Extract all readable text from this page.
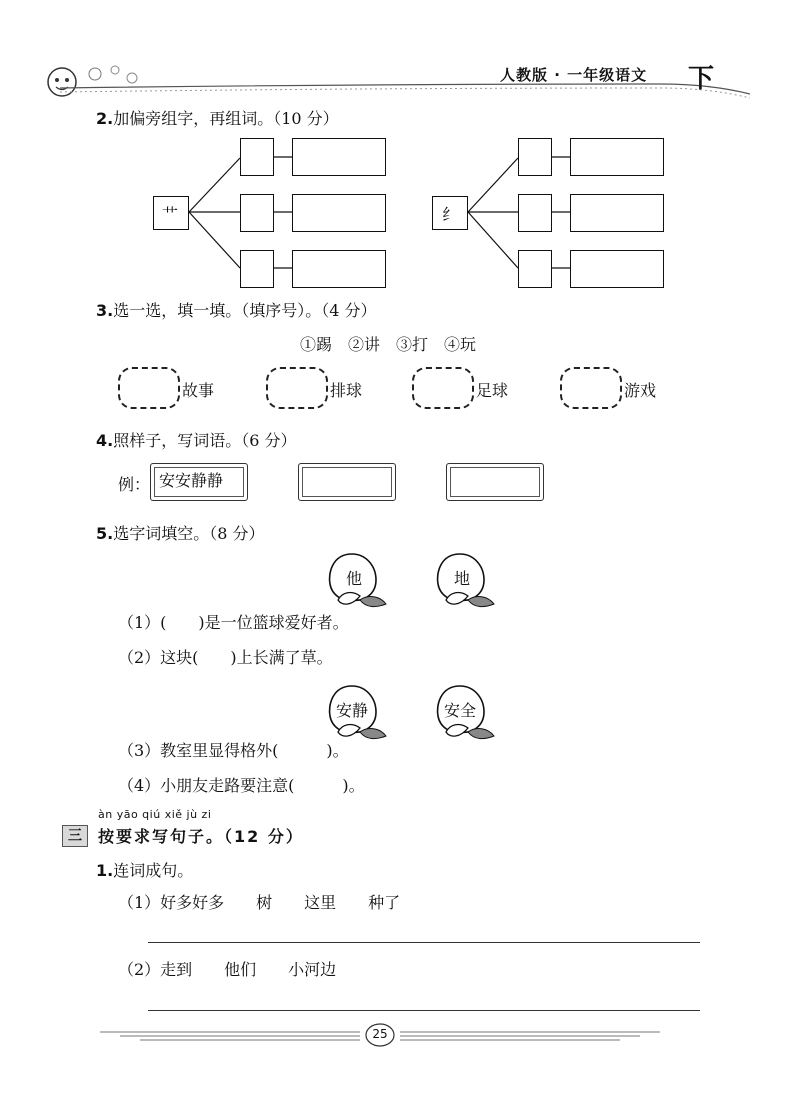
人教版 · 一年级语文 下
2.加偏旁组字，再组词。（10 分）
艹	纟
3.选一选，填一填。（填序号）。（4 分）
①踢　②讲　③打　④玩
故事	排球	足球	游戏
4.照样子，写词语。（6 分）
例： 安安静静
5.选字词填空。（8 分）
他	地
（1）(　　)是一位篮球爱好者。
（2）这块(　　)上长满了草。
安静	安全
（3）教室里显得格外(　　　)。
（4）小朋友走路要注意(　　　)。
àn yāo qiú xiě jù zi
三	按要求写句子。（12 分）
1.连词成句。
（1）好多好多　　树　　这里　　种了
（2）走到　　他们　　小河边
25
